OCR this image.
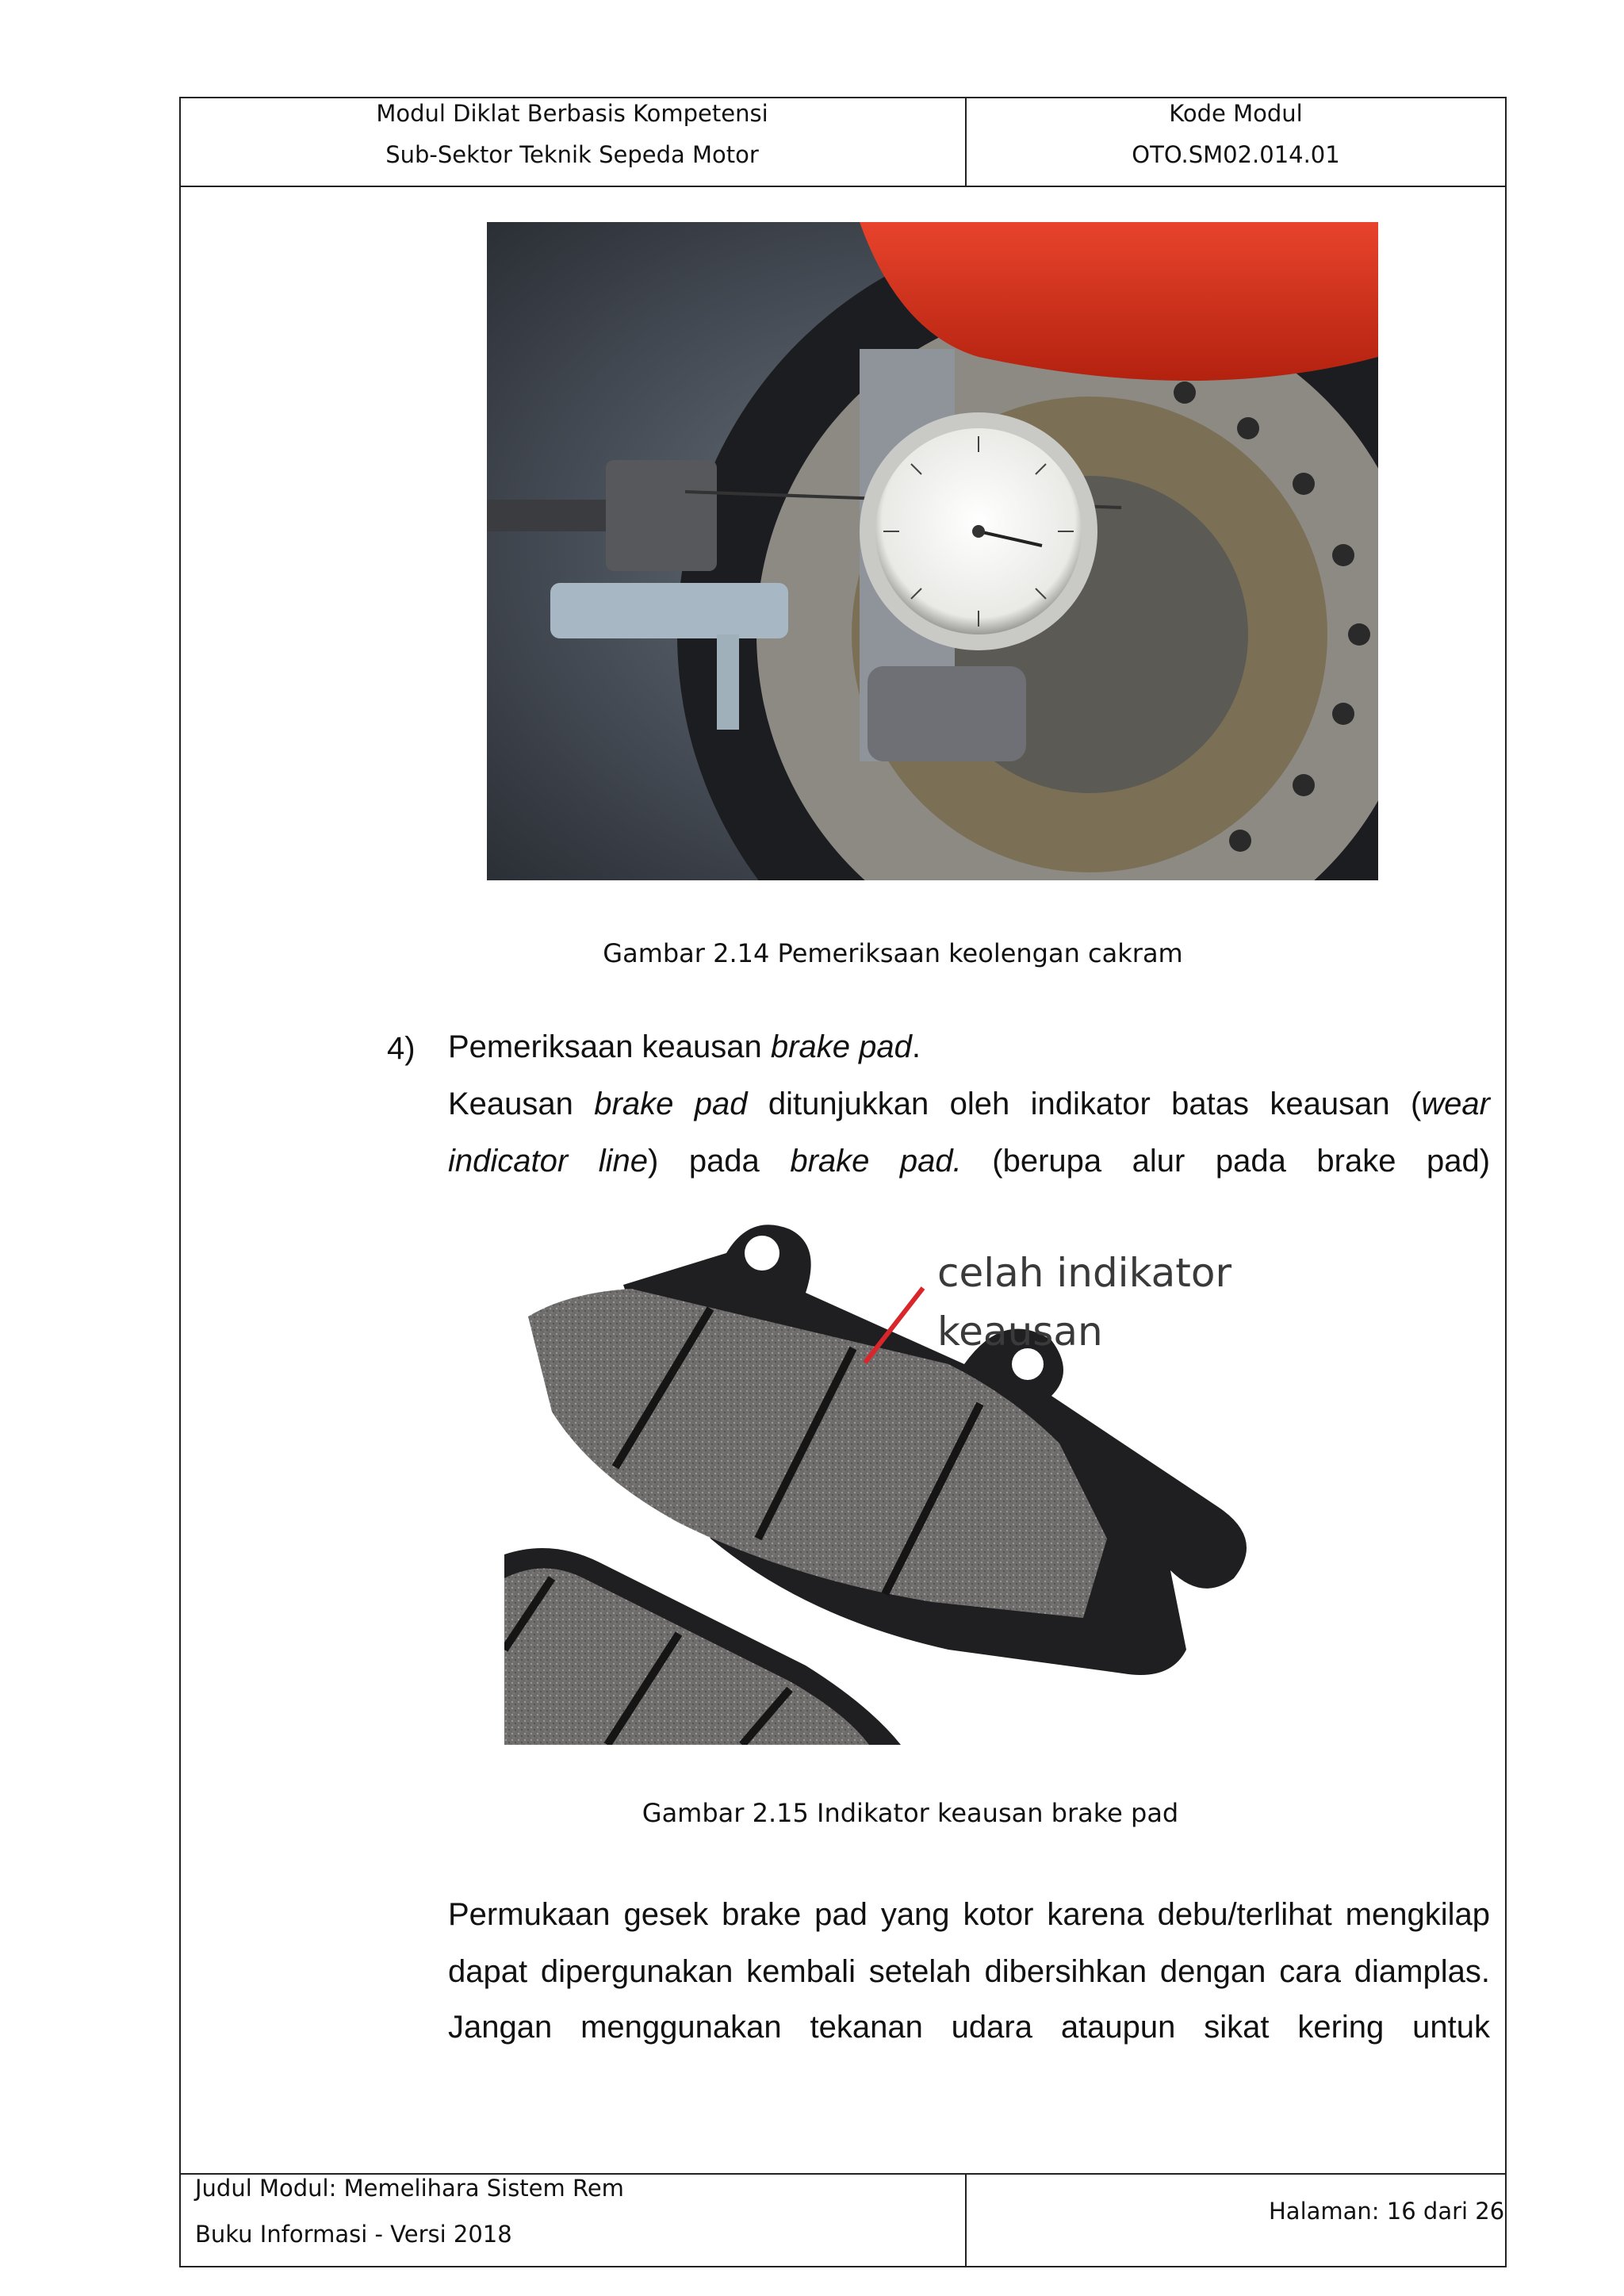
Modul Diklat Berbasis Kompetensi
Sub-Sektor Teknik Sepeda Motor
Kode Modul
OTO.SM02.014.01
Gambar 2.14 Pemeriksaan keolengan cakram
4) Pemeriksaan keausan brake pad.
Keausan brake pad ditunjukkan oleh indikator batas keausan (wear indicator line) pada brake pad. (berupa alur pada brake pad)
celah indikator
keausan
Gambar 2.15 Indikator keausan brake pad
Permukaan gesek brake pad yang kotor karena debu/terlihat mengkilap
dapat dipergunakan kembali setelah dibersihkan dengan cara diamplas.
Jangan menggunakan tekanan udara ataupun sikat kering untuk
Judul Modul: Memelihara Sistem Rem
Buku Informasi - Versi 2018
Halaman: 16 dari 26
